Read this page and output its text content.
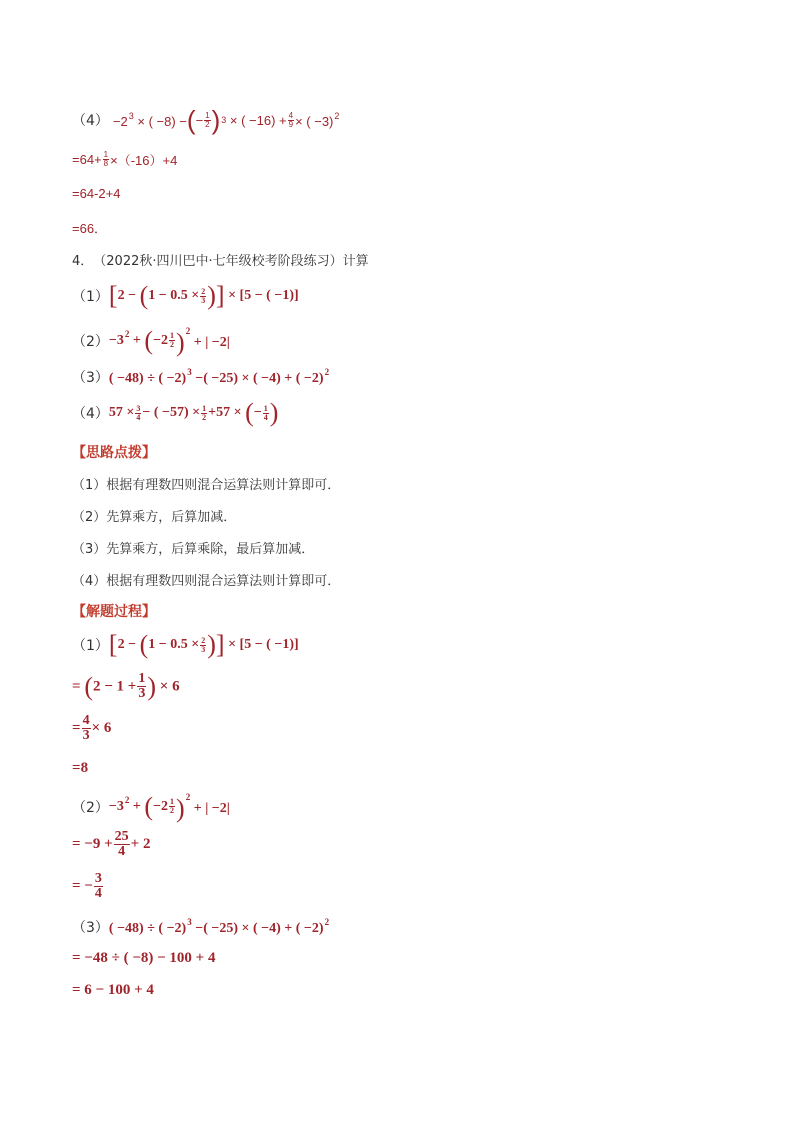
$(4) -2^3$ × ( −8) − ( − $\frac{1}{2}$ ) 3 × ( $-16) + \frac{4}{9}$ × ( −3)$^2$
$=64+ \frac{1}{8} \times(-16)+4$
=64-2+4
=66．
4． （2022秋·四川巴中·七年级校考阶段练习）计算
（1） [$2 - (1 - 0.5 \times \frac{2}{3}$ )] × [5 − ( −1)]
$(2) -3^2 + (-2 \frac{1}{2} )^2$ + | −2|
（3） ( −48) ÷ ( −2)$^3$ −( −25) × ( −4) + ( −2)$^2$
（4） $57 \times \frac{3}{4}$ − ( $-57) \times \frac{1}{2} +57$ × (− $\frac{1}{4}$ )
【思路点拨】
（1）根据有理数四则混合运算法则计算即可．
（2）先算乘方，后算加减．
（3）先算乘方，后算乘除，最后算加减．
（4）根据有理数四则混合运算法则计算即可．
【解题过程】
（1） [$2 - (1 - 0.5 \times \frac{2}{3}$ )] × [5 − ( −1)]
= ($2 - 1 + \frac{1}{3}$ ) × 6
= $\frac{4}{3} \times 6$
= 8
$(2) -3^2 + (-2 \frac{1}{2} )^2$ + | −2|
= $-9 + \frac{25}{4} + 2$
= − $\frac{3}{4}$
（3） ( −48) ÷ ( −2)$^3$ −( −25) × ( −4) + ( −2)$^2$
= −48 ÷ ( −8) − 100 + 4
= 6 − 100 + 4
